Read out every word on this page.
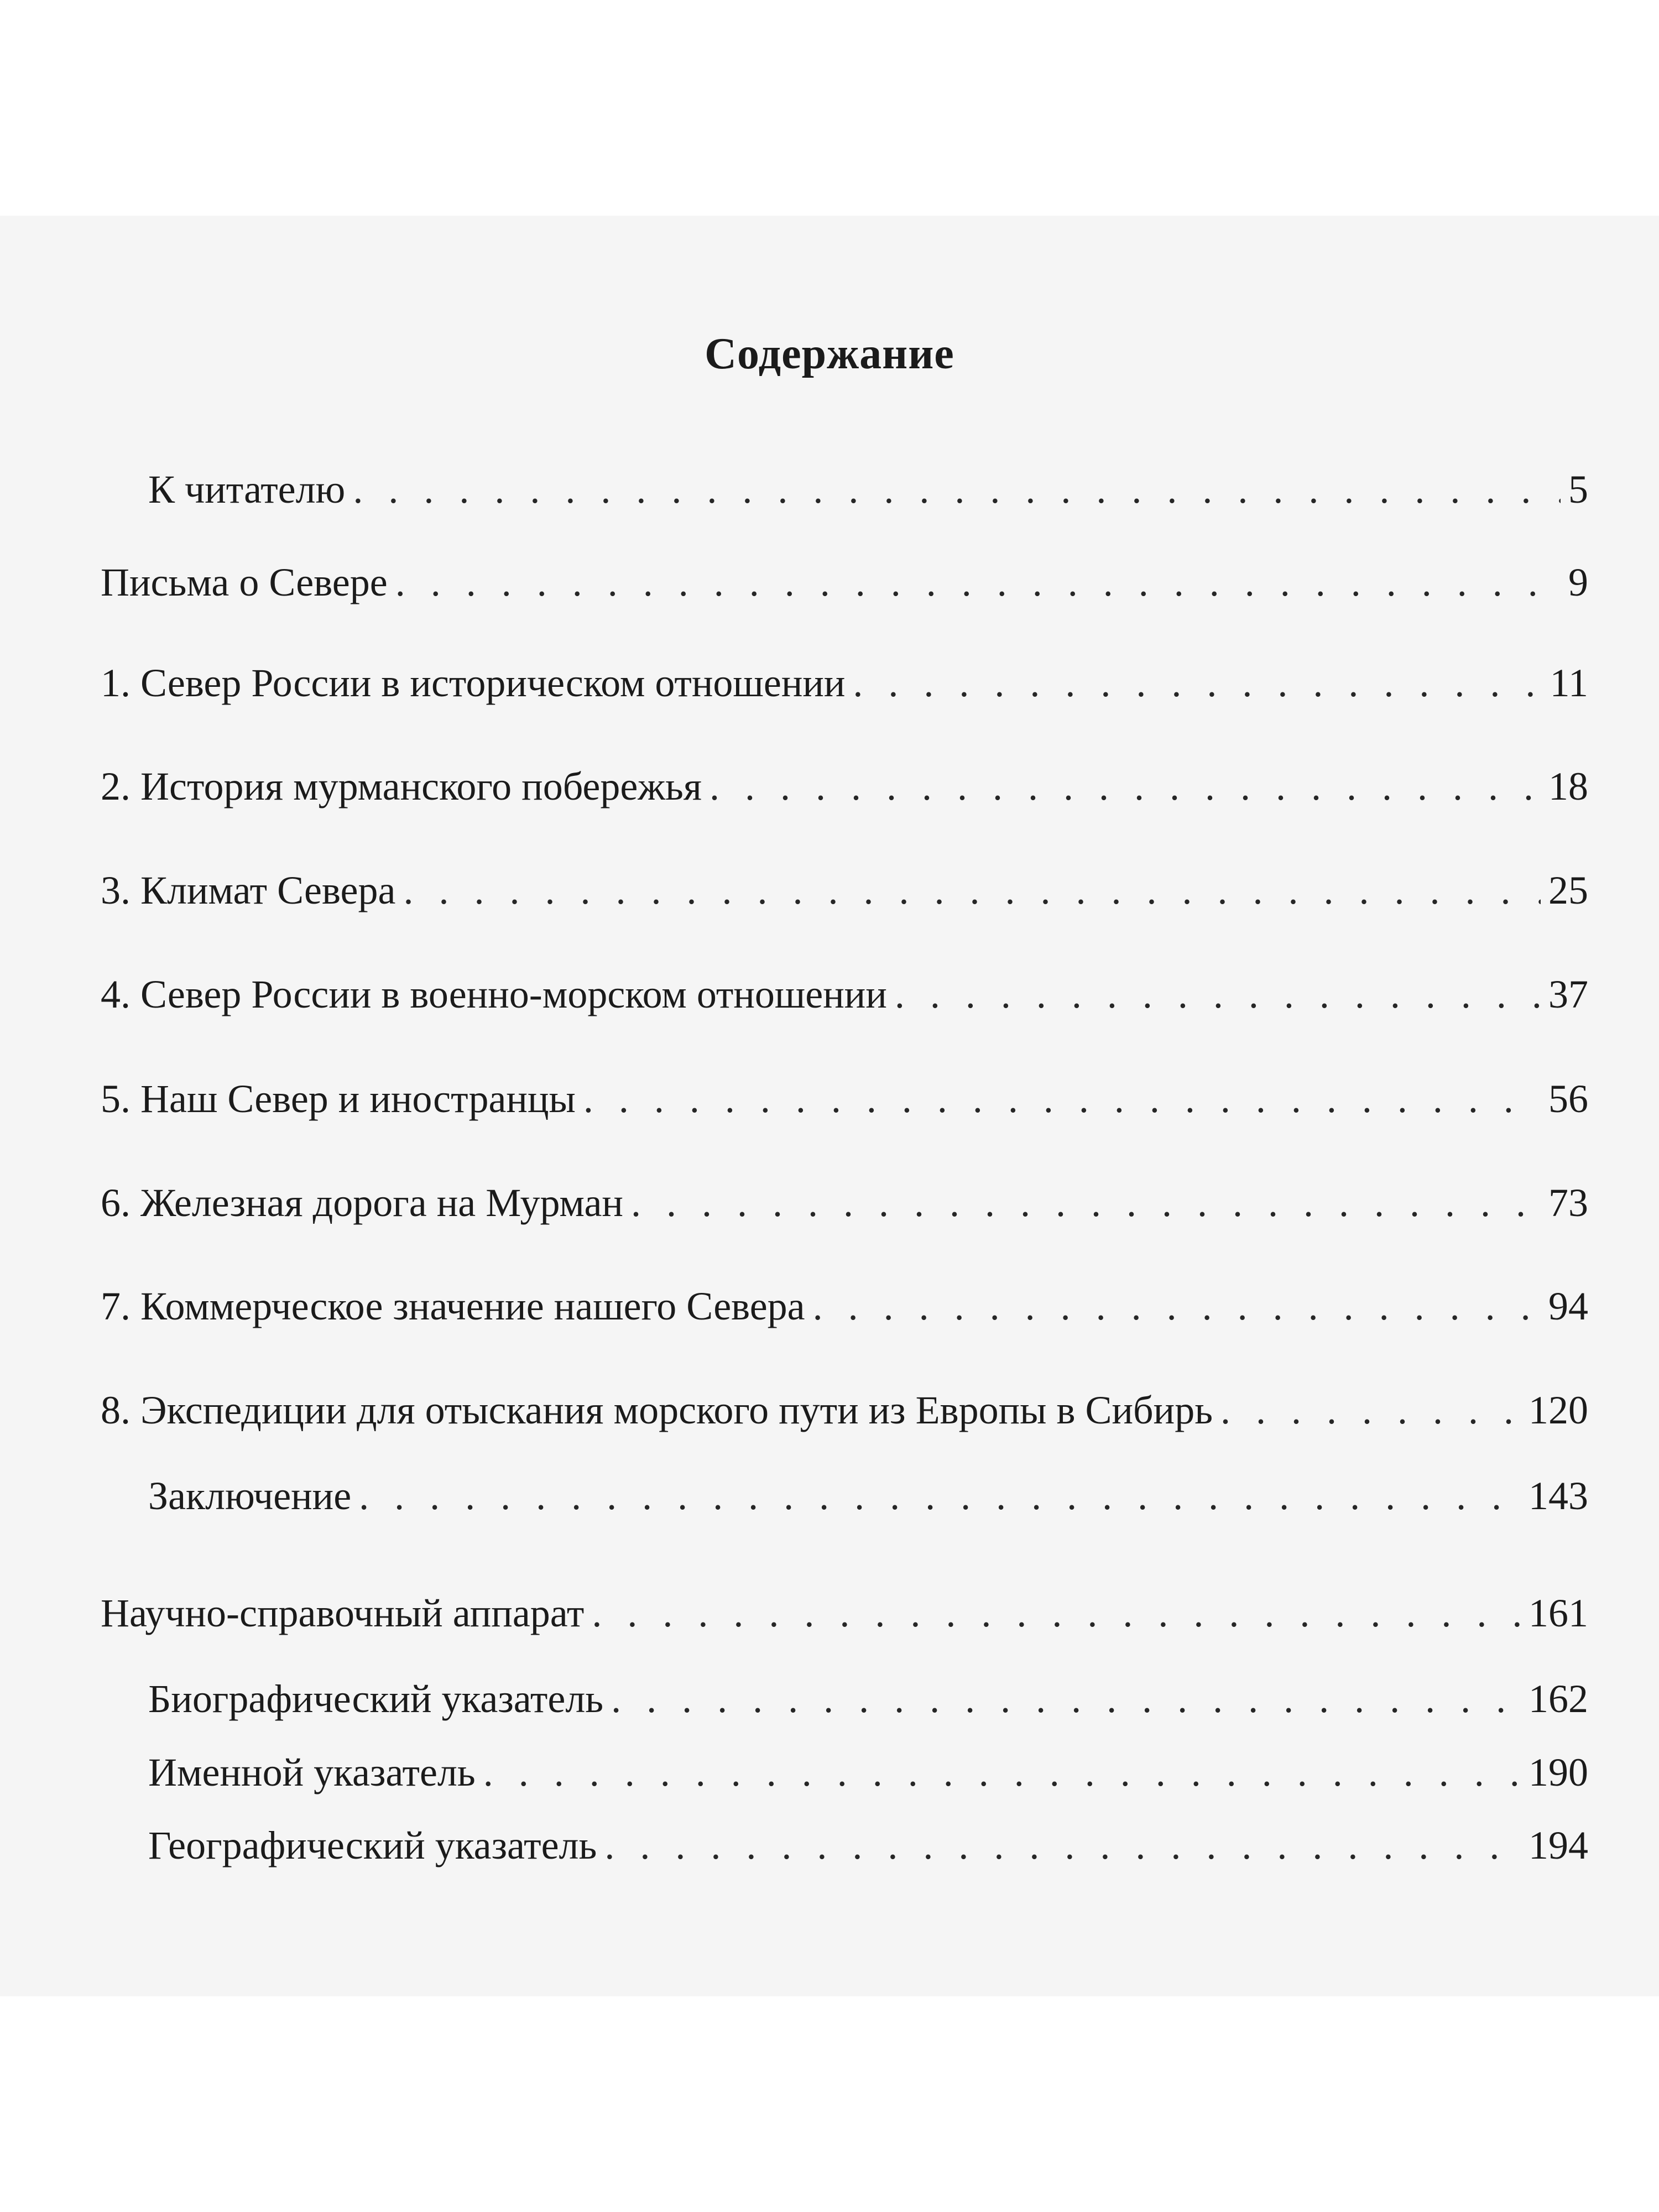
Содержание
К читателю . . .	5
Письма о Севере . . .	9
1. Север России в историческом отношении . . .	11
2. История мурманского побережья . . .	18
3. Климат Севера . . .	25
4. Север России в военно-морском отношении . . .	37
5. Наш Север и иностранцы . . .	56
6. Железная дорога на Мурман . . .	73
7. Коммерческое значение нашего Севера . . .	94
8. Экспедиции для отыскания морского пути из Европы в Сибирь . . .	120
Заключение . . .	143
Научно-справочный аппарат . . .	161
Биографический указатель . . .	162
Именной указатель . . .	190
Географический указатель . . .	194
